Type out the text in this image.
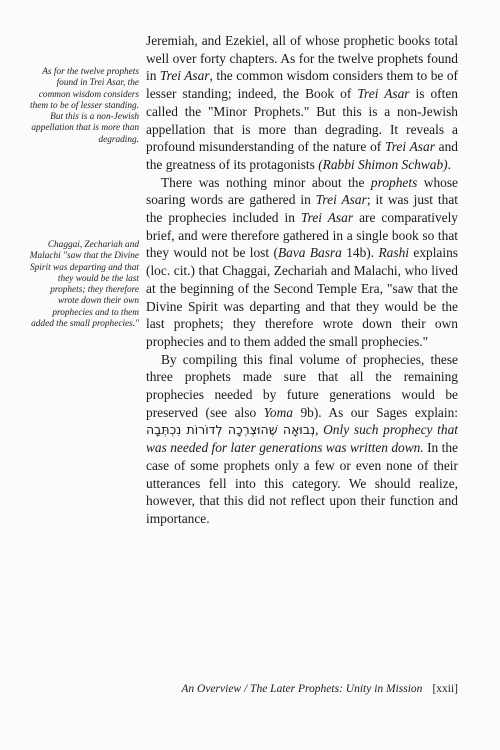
As for the twelve prophets found in Trei Asar, the common wisdom considers them to be of lesser standing. But this is a non-Jewish appellation that is more than degrading.

Chaggai, Zechariah and Malachi "saw that the Divine Spirit was departing and that they would be the last prophets; they therefore wrote down their own prophecies and to them added the small prophecies."

Jeremiah, and Ezekiel, all of whose prophetic books total well over forty chapters. As for the twelve prophets found in Trei Asar, the common wisdom considers them to be of lesser standing; indeed, the Book of Trei Asar is often called the "Minor Prophets." But this is a non-Jewish appellation that is more than degrading. It reveals a profound misunderstanding of the nature of Trei Asar and the greatness of its protagonists (Rabbi Shimon Schwab).

There was nothing minor about the prophets whose soaring words are gathered in Trei Asar; it was just that the prophecies included in Trei Asar are comparatively brief, and were therefore gathered in a single book so that they would not be lost (Bava Basra 14b). Rashi explains (loc. cit.) that Chaggai, Zechariah and Malachi, who lived at the beginning of the Second Temple Era, "saw that the Divine Spirit was departing and that they would be the last prophets; they therefore wrote down their own prophecies and to them added the small prophecies."

By compiling this final volume of prophecies, these three prophets made sure that all the remaining prophecies needed by future generations would be preserved (see also Yoma 9b). As our Sages explain: נְבוּאָה שֶׁהוּצְרְכָה לְדוֹרוֹת נִכְתְּבָה, Only such prophecy that was needed for later generations was written down. In the case of some prophets only a few or even none of their utterances fell into this category. We should realize, however, that this did not reflect upon their function and importance.

An Overview / The Later Prophets: Unity in Mission [xxii]
